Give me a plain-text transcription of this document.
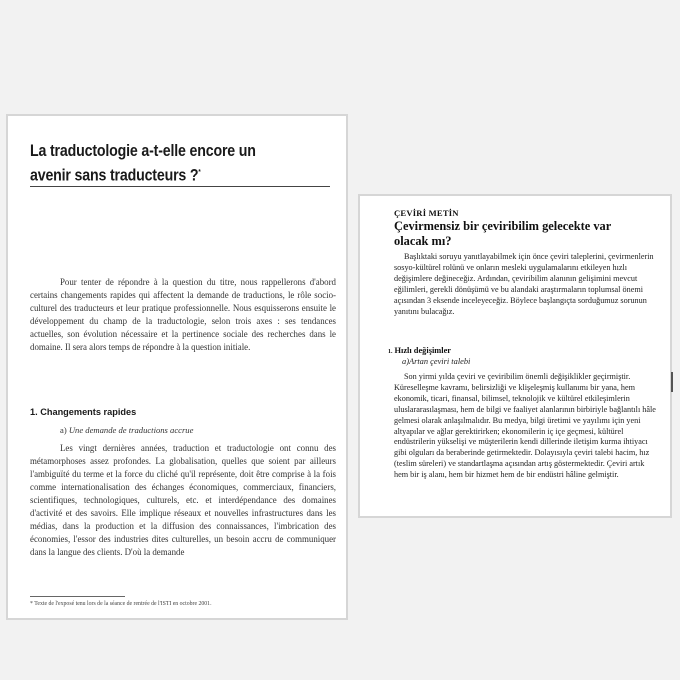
La traductologie a-t-elle encore un avenir sans traducteurs ?*

Pour tenter de répondre à la question du titre, nous rappellerons d'abord certains changements rapides qui affectent la demande de traductions, le rôle socio-culturel des traducteurs et leur pratique professionnelle. Nous esquisserons ensuite le développement du champ de la traductologie, selon trois axes : ses tendances actuelles, son évolution nécessaire et la pertinence sociale des recherches dans le domaine. Il sera alors temps de répondre à la question initiale.

1. Changements rapides
a) Une demande de traductions accrue

Les vingt dernières années, traduction et traductologie ont connu des métamorphoses assez profondes. La globalisation, quelles que soient par ailleurs l'ambiguïté du terme et la force du cliché qu'il représente, doit être comprise à la fois comme internationalisation des échanges économiques, commerciaux, financiers, scientifiques, technologiques, culturels, etc. et interdépendance des domaines d'activité et des savoirs. Elle implique réseaux et nouvelles infrastructures dans les médias, dans la production et la diffusion des connaissances, l'imbrication des économies, l'essor des industries dites culturelles, un besoin accru de communiquer dans la langue des clients. D'où la demande

* Texte de l'exposé tenu lors de la séance de rentrée de l'ISTI en octobre 2001.
ÇEVİRİ METİN
Çevirmensiz bir çeviribilim gelecekte var olacak mı?

Başlıktaki soruyu yanıtlayabilmek için önce çeviri taleplerini, çevirmenlerin sosyo-kültürel rolünü ve onların mesleki uygulamalarını etkileyen hızlı değişimlere değineceğiz. Ardından, çeviribilim alanının gelişimini mevcut eğilimleri, gerekli dönüşümü ve bu alandaki araştırmaların toplumsal önemi açısından 3 eksende inceleyeceğiz. Böylece başlangıçta sorduğumuz sorunun yanıtını bulacağız.

1. Hızlı değişimler
a)Artan çeviri talebi

Son yirmi yılda çeviri ve çeviribilim önemli değişiklikler geçirmiştir. Küreselleşme kavramı, belirsizliği ve klişeleşmiş kullanımı bir yana, hem ekonomik, ticari, finansal, bilimsel, teknolojik ve kültürel etkileşimlerin uluslararasılaşması, hem de bilgi ve faaliyet alanlarının birbiriyle bağlantılı hâle gelmesi olarak anlaşılmalıdır. Bu medya, bilgi üretimi ve yayılımı için yeni altyapılar ve ağlar gerektirirken; ekonomilerin iç içe geçmesi, kültürel endüstrilerin yükselişi ve müşterilerin kendi dillerinde iletişim kurma ihtiyacı gibi olguları da beraberinde getirmektedir. Dolayısıyla çeviri talebi hacim, hız (teslim süreleri) ve standartlaşma açısından artış göstermektedir. Çeviri artık hem bir iş alanı, hem bir hizmet hem de bir endüstri hâline gelmiştir.
